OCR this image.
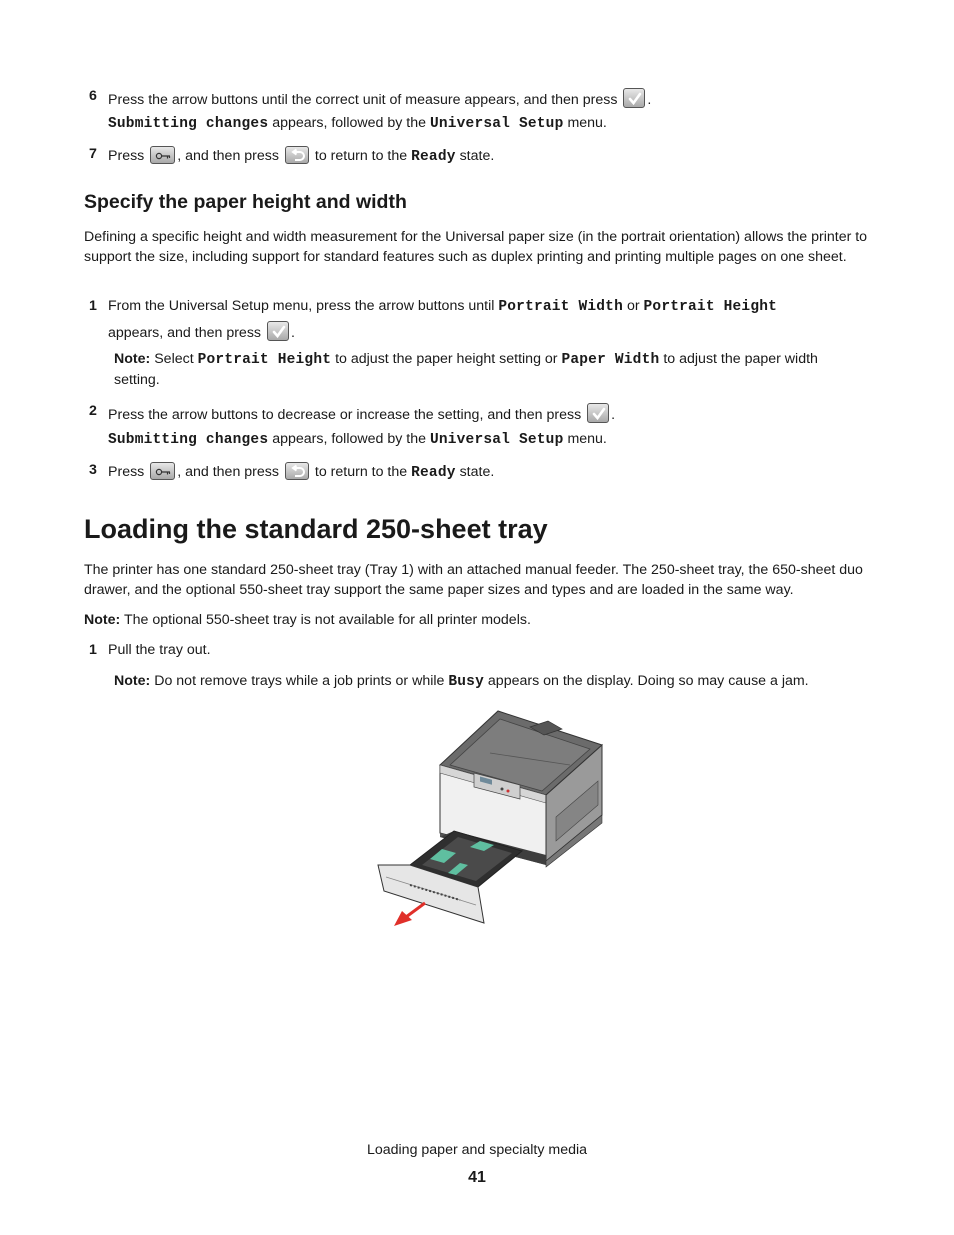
6 Press the arrow buttons until the correct unit of measure appears, and then press .
Submitting changes appears, followed by the Universal Setup menu.
7 Press , and then press	to return to the Ready state.
Specify the paper height and width

Defining a specific height and width measurement for the Universal paper size (in the portrait orientation) allows the printer to support the size, including support for standard features such as duplex printing and printing multiple pages on one sheet.

1 From the Universal Setup menu, press the arrow buttons until Portrait Width or Portrait Height
appears, and then press .
Note: Select Portrait Height to adjust the paper height setting or Paper Width to adjust the paper width
setting.
2 Press the arrow buttons to decrease or increase the setting, and then press .
Submitting changes appears, followed by the Universal Setup menu.
3 Press , and then press	to return to the Ready state.
Loading the standard 250-sheet tray

The printer has one standard 250-sheet tray (Tray 1) with an attached manual feeder. The 250-sheet tray, the 650-sheet duo drawer, and the optional 550-sheet tray support the same paper sizes and types and are loaded in the same way.

Note: The optional 550-sheet tray is not available for all printer models.
1 Pull the tray out.
Note: Do not remove trays while a job prints or while Busy appears on the display. Doing so may cause a jam.
Loading paper and specialty media
41
